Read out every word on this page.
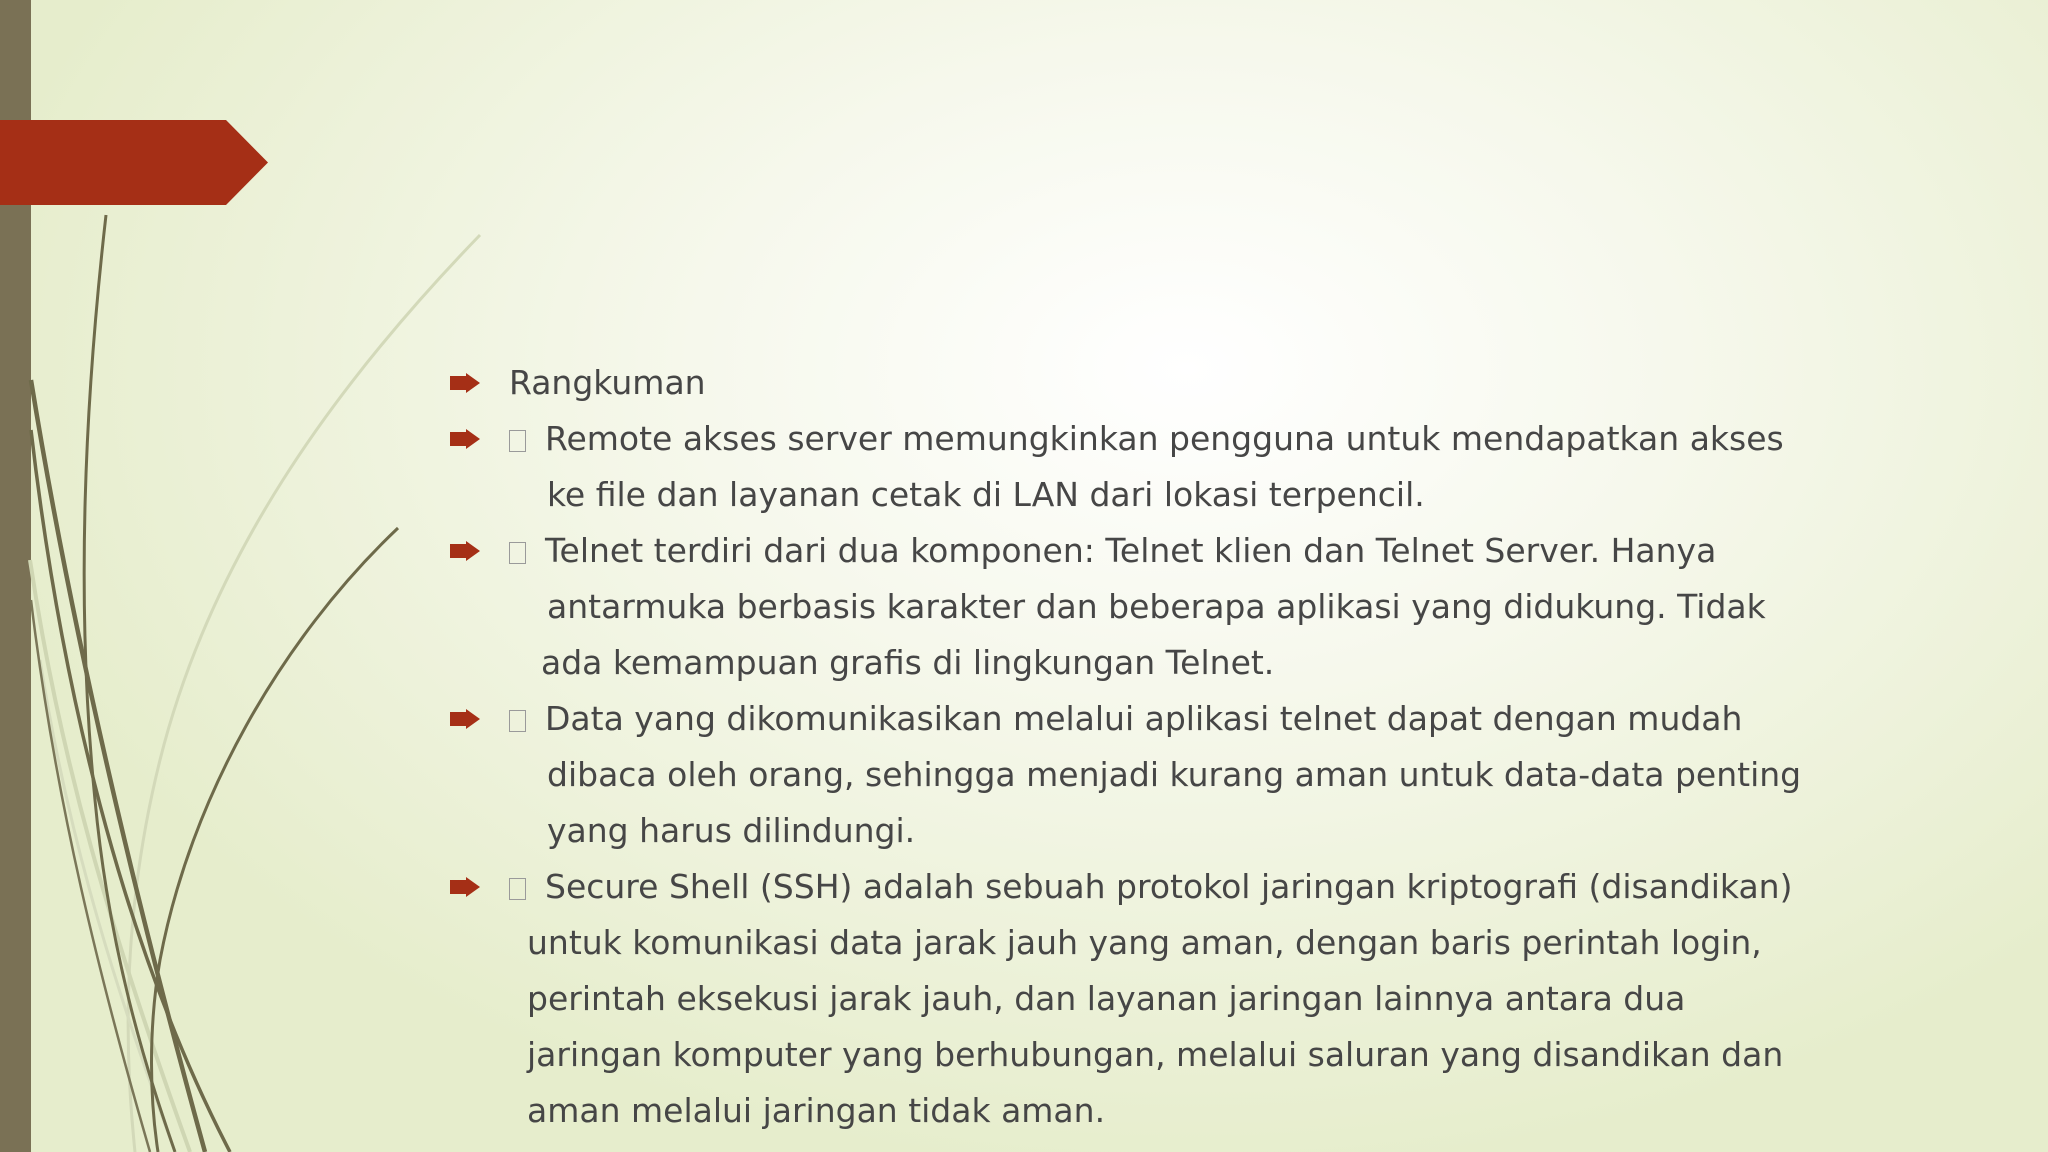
Rangkuman
Remote akses server memungkinkan pengguna untuk mendapatkan akses
ke file dan layanan cetak di LAN dari lokasi terpencil.
Telnet terdiri dari dua komponen: Telnet klien dan Telnet Server. Hanya
antarmuka berbasis karakter dan beberapa aplikasi yang didukung. Tidak
ada kemampuan grafis di lingkungan Telnet.
Data yang dikomunikasikan melalui aplikasi telnet dapat dengan mudah
dibaca oleh orang, sehingga menjadi kurang aman untuk data-data penting
yang harus dilindungi.
Secure Shell (SSH) adalah sebuah protokol jaringan kriptografi (disandikan)
untuk komunikasi data jarak jauh yang aman, dengan baris perintah login,
perintah eksekusi jarak jauh, dan layanan jaringan lainnya antara dua
jaringan komputer yang berhubungan, melalui saluran yang disandikan dan
aman melalui jaringan tidak aman.
